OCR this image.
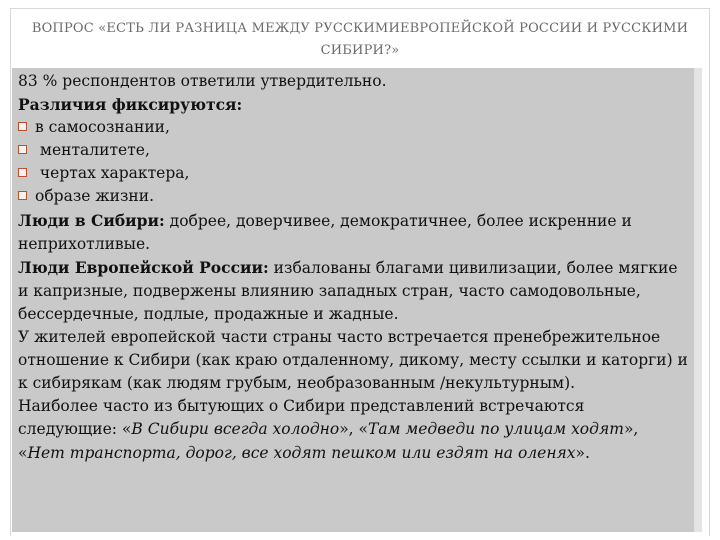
ВОПРОС «ЕСТЬ ЛИ РАЗНИЦА МЕЖДУ РУССКИМИЕВРОПЕЙСКОЙ РОССИИ И РУССКИМИ
СИБИРИ?»

83 % респондентов ответили утвердительно.

Различия фиксируются:

в самосознании,
менталитете,
чертах характера,
образе жизни.

Люди в Сибири: добрее, доверчивее, демократичнее, более искренние и неприхотливые.

Люди Европейской России: избалованы благами цивилизации, более мягкие и капризные, подвержены влиянию западных стран, часто самодовольные, бессердечные, подлые, продажные и жадные.

У жителей европейской части страны часто встречается пренебрежительное отношение к Сибири (как краю отдаленному, дикому, месту ссылки и каторги) и к сибирякам (как людям грубым, необразованным /некультурным).

Наиболее часто из бытующих о Сибири представлений встречаются следующие: «В Сибири всегда холодно», «Там медведи по улицам ходят», «Нет транспорта, дорог, все ходят пешком или ездят на оленях».
